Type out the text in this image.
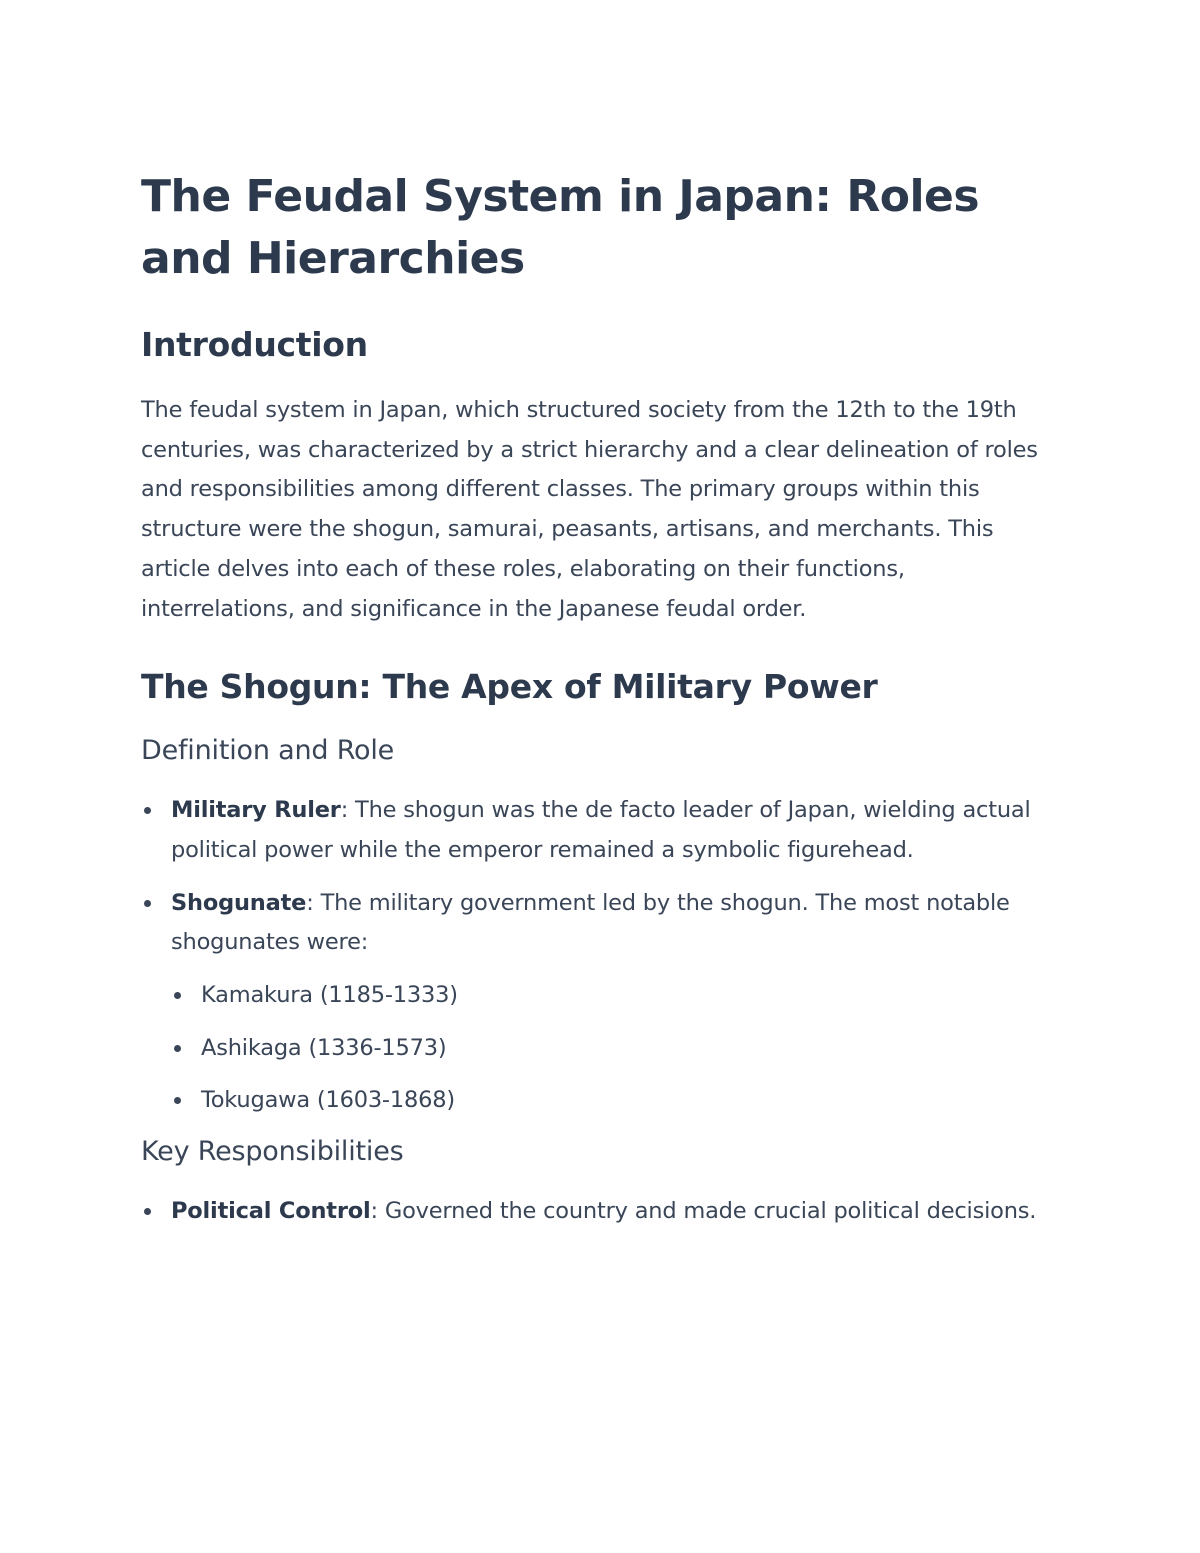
The Feudal System in Japan: Roles and Hierarchies
Introduction

The feudal system in Japan, which structured society from the 12th to the 19th centuries, was characterized by a strict hierarchy and a clear delineation of roles and responsibilities among different classes. The primary groups within this structure were the shogun, samurai, peasants, artisans, and merchants. This article delves into each of these roles, elaborating on their functions, interrelations, and significance in the Japanese feudal order.

The Shogun: The Apex of Military Power
Definition and Role
Military Ruler: The shogun was the de facto leader of Japan, wielding actual political power while the emperor remained a symbolic figurehead.
Shogunate: The military government led by the shogun. The most notable shogunates were:
Kamakura (1185-1333)
Ashikaga (1336-1573)
Tokugawa (1603-1868)
Key Responsibilities
Political Control: Governed the country and made crucial political decisions.
